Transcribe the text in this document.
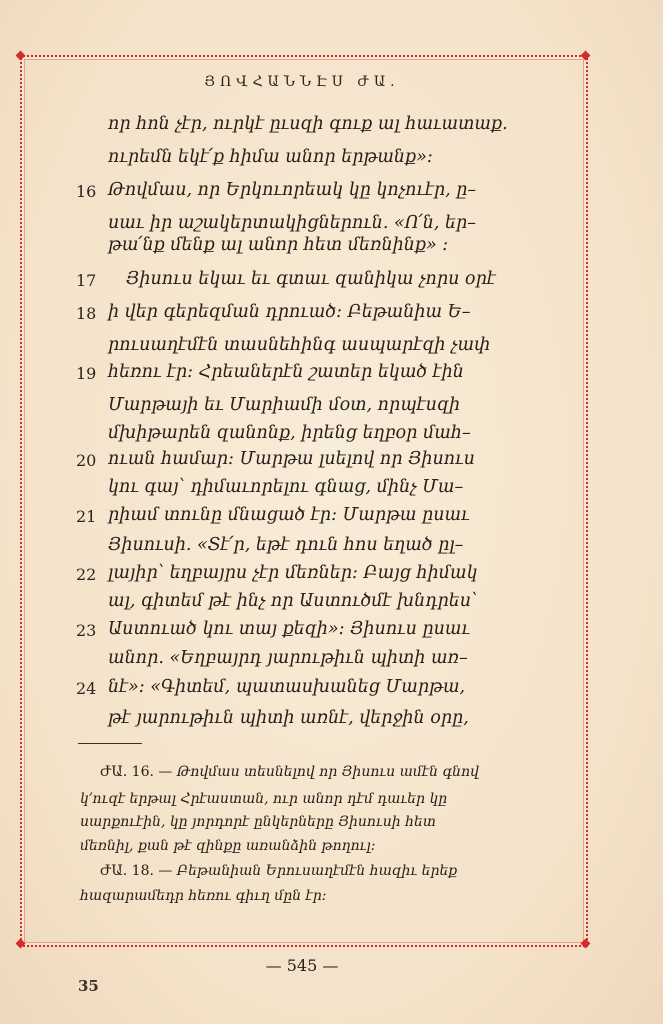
ՅՈՎՀԱՆՆԷՍ ԺԱ.
որ հոն չէր, ուրկէ ըւսզի գուք ալ հաւատաք.
ուրեմն եկէ՛ք հիմա անոր երթանք»:
16 Թովմաս, որ Երկուորեակ կը կոչուէր, ը–
սաւ իր աշակերտակիցներուն. «Ո՛ն, եր–
թա՛նք մենք ալ անոր հետ մեռնինք» :
17 Յիսուս եկաւ եւ գտաւ զանիկա չորս օրէ
18 ի վեր գերեզման դրուած: Բեթանիա Ե–
րուսաղէմէն տասնեհինգ ասպարէզի չափ
19 հեռու էր: Հրեաներէն շատեր եկած էին
Մարթայի եւ Մարիամի մօտ, որպէսզի
մխիթարեն զանոնք, իրենց եղբօր մահ–
20 ուան համար: Մարթա լսելով որ Յիսուս
կու գայ՝ դիմաւորելու գնաց, մինչ Մա–
21 րիամ տունը մնացած էր: Մարթա ըսաւ
Յիսուսի. «Տէ՛ր, եթէ դուն հոս եղած ըլ–
22 լայիր՝ եղբայրս չէր մեռներ: Բայց հիմակ
ալ, գիտեմ թէ ինչ որ Աստուծմէ խնդրես՝
23 Աստուած կու տայ քեզի»: Յիսուս ըսաւ
անոր. «Եղբայրդ յարութիւն պիտի առ–
24 նէ»: «Գիտեմ, պատասխանեց Մարթա,
թէ յարութիւն պիտի առնէ, վերջին օրը,
ԺԱ. 16. — Թովմաս տեսնելով որ Յիսուս ամէն գնով
կ՚ուզէ երթալ Հրէաստան, ուր անոր դէմ դաւեր կը
սարքուէին, կը յորդորէ ընկերները Յիսուսի հետ
մեռնիլ, քան թէ զինքը առանձին թողուլ:
ԺԱ. 18. — Բեթանիան Երուսաղէմէն հազիւ երեք
հազարամեդր հեռու գիւղ մըն էր:
— 545 —
35
